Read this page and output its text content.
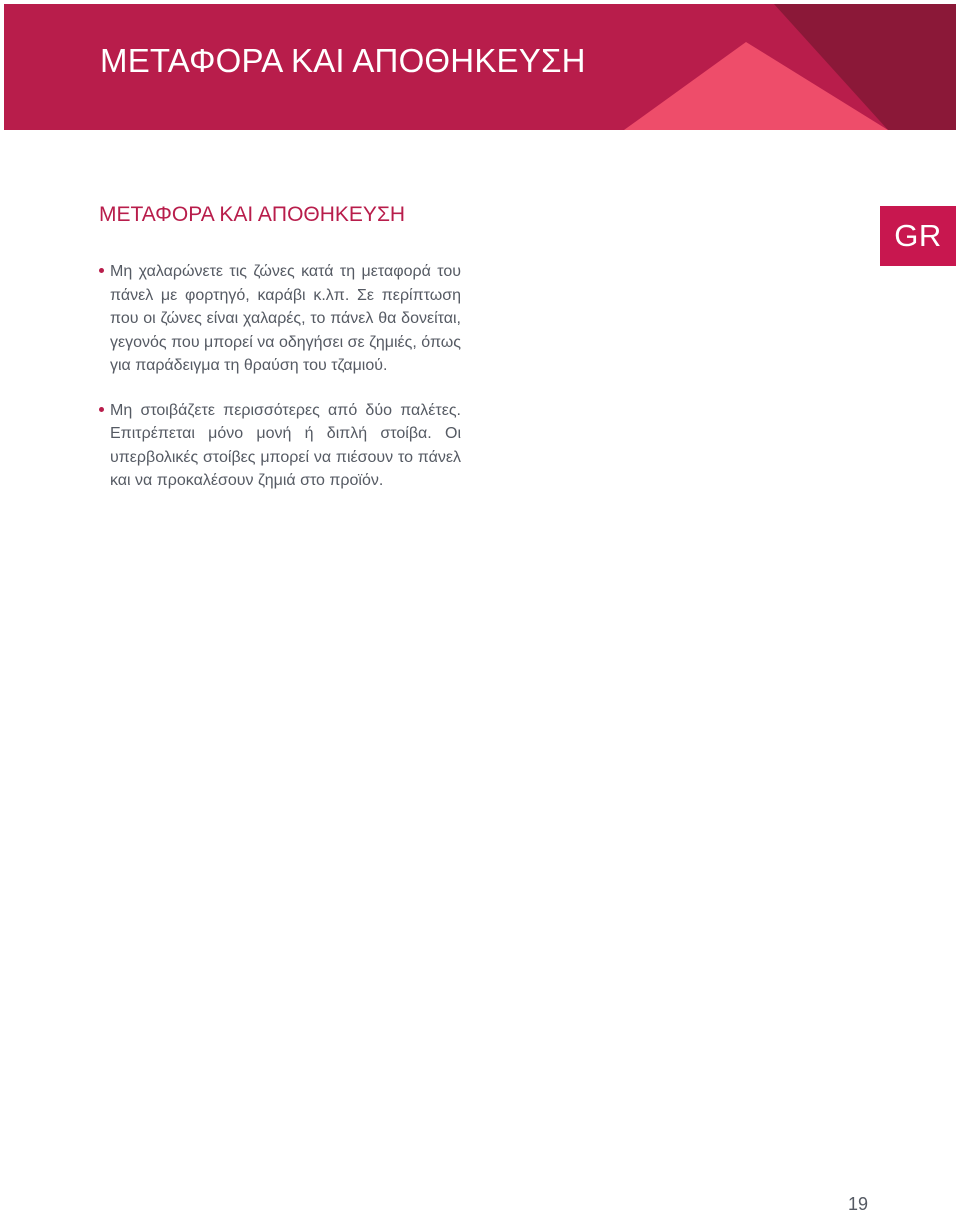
ΜΕΤΑΦΟΡΑ ΚΑΙ ΑΠΟΘΗΚΕΥΣΗ
GR
ΜΕΤΑΦΟΡΑ ΚΑΙ ΑΠΟΘΗΚΕΥΣΗ
Μη χαλαρώνετε τις ζώνες κατά τη μεταφορά του πάνελ με φορτηγό, καράβι κ.λπ. Σε περίπτωση που οι ζώνες είναι χαλαρές, το πάνελ θα δονείται, γεγονός που μπορεί να οδηγήσει σε ζημιές, όπως για παράδειγμα τη θραύση του τζαμιού.
Μη στοιβάζετε περισσότερες από δύο παλέτες. Επιτρέπεται μόνο μονή ή διπλή στοίβα. Οι υπερβολικές στοίβες μπορεί να πιέσουν το πάνελ και να προκαλέσουν ζημιά στο προϊόν.
19
